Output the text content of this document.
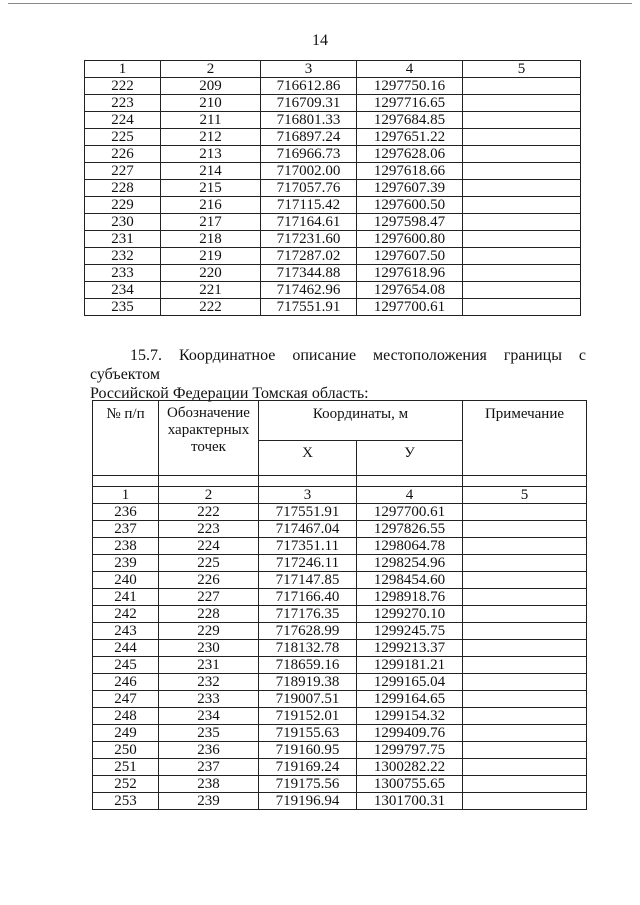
14
1	2	3	4	5
222	209	716612.86	1297750.16	
223	210	716709.31	1297716.65	
224	211	716801.33	1297684.85	
225	212	716897.24	1297651.22	
226	213	716966.73	1297628.06	
227	214	717002.00	1297618.66	
228	215	717057.76	1297607.39	
229	216	717115.42	1297600.50	
230	217	717164.61	1297598.47	
231	218	717231.60	1297600.80	
232	219	717287.02	1297607.50	
233	220	717344.88	1297618.96	
234	221	717462.96	1297654.08	
235	222	717551.91	1297700.61	
15.7. Координатное описание местоположения границы с субъектом
Российской Федерации Томская область:
№ п/п	Обозначение характерных точек	Координаты, м		Примечание
		Х	У	

1	2	3	4	5
236	222	717551.91	1297700.61	
237	223	717467.04	1297826.55	
238	224	717351.11	1298064.78	
239	225	717246.11	1298254.96	
240	226	717147.85	1298454.60	
241	227	717166.40	1298918.76	
242	228	717176.35	1299270.10	
243	229	717628.99	1299245.75	
244	230	718132.78	1299213.37	
245	231	718659.16	1299181.21	
246	232	718919.38	1299165.04	
247	233	719007.51	1299164.65	
248	234	719152.01	1299154.32	
249	235	719155.63	1299409.76	
250	236	719160.95	1299797.75	
251	237	719169.24	1300282.22	
252	238	719175.56	1300755.65	
253	239	719196.94	1301700.31	
